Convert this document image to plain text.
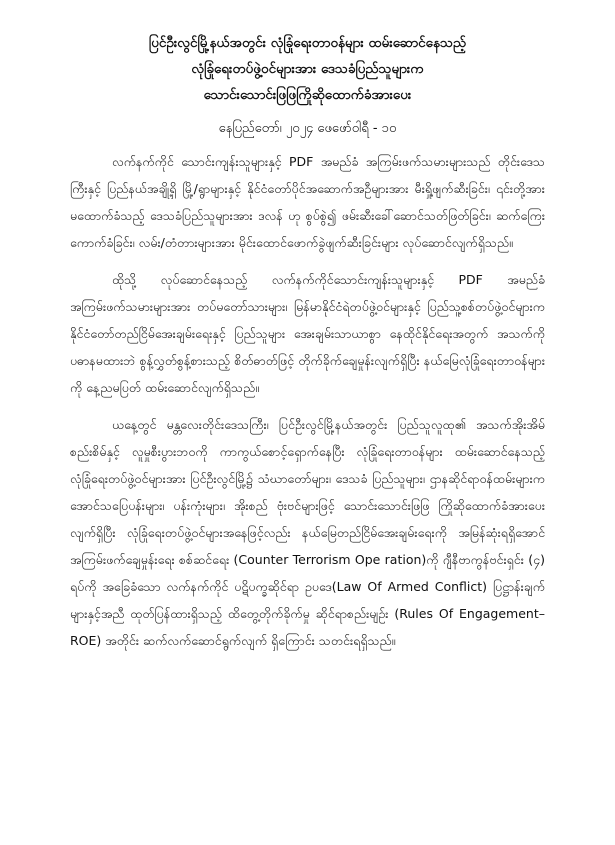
ပြင်ဦးလွင်မြို့နယ်အတွင်း လုံခြုံရေးတာဝန်များ ထမ်းဆောင်နေသည့်
လုံခြုံရေးတပ်ဖွဲ့ဝင်များအား ဒေသခံပြည်သူများက
သောင်းသောင်းဖြဖြကြိုဆိုထောက်ခံအားပေး

နေပြည်တော်၊ ၂၀၂၄ ဖေဖော်ဝါရီ - ၁၀

လက်နက်ကိုင် သောင်းကျန်းသူများနှင့် PDF အမည်ခံ အကြမ်းဖက်သမားများသည် တိုင်းဒေသကြီးနှင့် ပြည်နယ်အချို့ရှိ မြို့/ရွာများနှင့် နိုင်ငံတော်ပိုင်အဆောက်အဦများအား မီးရှို့ဖျက်ဆီးခြင်း၊ ၎င်းတို့အား မထောက်ခံသည့် ဒေသခံပြည်သူများအား ဒလန် ဟု စွပ်စွဲ၍ ဖမ်းဆီးခေါ်ဆောင်သတ်ဖြတ်ခြင်း၊ ဆက်ကြေးကောက်ခံခြင်း၊ လမ်း/တံတားများအား မိုင်းထောင်ဖောက်ခွဲဖျက်ဆီးခြင်းများ လုပ်ဆောင်လျက်ရှိသည်။

ထိုသို့ လုပ်ဆောင်နေသည့် လက်နက်ကိုင်သောင်းကျန်းသူများနှင့် PDF အမည်ခံ အကြမ်းဖက်သမားများအား တပ်မတော်သားများ၊ မြန်မာနိုင်ငံရဲတပ်ဖွဲ့ဝင်များနှင့် ပြည်သူ့စစ်တပ်ဖွဲ့ဝင်များက နိုင်ငံတော်တည်ငြိမ်အေးချမ်းရေးနှင့် ပြည်သူများ အေးချမ်းသာယာစွာ နေထိုင်နိုင်ရေးအတွက် အသက်ကိုပဓာနမထားဘဲ စွန့်လွှတ်စွန့်စားသည့် စိတ်ဓာတ်ဖြင့် တိုက်ခိုက်ချေမှုန်းလျက်ရှိပြီး နယ်မြေလုံခြုံရေးတာဝန်များကို နေ့ညမပြတ် ထမ်းဆောင်လျက်ရှိသည်။

ယနေ့တွင် မန္တလေးတိုင်းဒေသကြီး၊ ပြင်ဦးလွင်မြို့နယ်အတွင်း ပြည်သူလူထု၏ အသက်အိုးအိမ်စည်းစိမ်နှင့် လူမှုစီးပွားဘဝကို ကာကွယ်စောင့်ရှောက်နေပြီး လုံခြုံရေးတာဝန်များ ထမ်းဆောင်နေသည့် လုံခြုံရေးတပ်ဖွဲ့ဝင်များအား ပြင်ဦးလွင်မြို့၌ သံဃာတော်များ၊ ဒေသခံ ပြည်သူများ၊ ဌာနဆိုင်ရာဝန်ထမ်းများက အောင်သပြေပန်းများ၊ ပန်းကုံးများ၊ အိုးစည် ဗုံးဗင်များဖြင့် သောင်းသောင်းဖြဖြ ကြိုဆိုထောက်ခံအားပေးလျက်ရှိပြီး လုံခြုံရေးတပ်ဖွဲ့ဝင်များအနေဖြင့်လည်း နယ်မြေတည်ငြိမ်အေးချမ်းရေးကို အမြန်ဆုံးရရှိအောင် အကြမ်းဖက်ချေမှုန်းရေး စစ်ဆင်ရေး (Counter Terrorism Ope ration)ကို ဂျီနီဗာကွန်ဗင်းရှင်း (၄) ရပ်ကို အခြေခံသော လက်နက်ကိုင် ပဋိပက္ခဆိုင်ရာ ဥပဒေ(Law Of Armed Conflict) ပြဋ္ဌာန်းချက်များနှင့်အညီ ထုတ်ပြန်ထားရှိသည့် ထိတွေ့တိုက်ခိုက်မှု ဆိုင်ရာစည်းမျဉ်း (Rules Of Engagement–ROE) အတိုင်း ဆက်လက်ဆောင်ရွက်လျက် ရှိကြောင်း သတင်းရရှိသည်။
